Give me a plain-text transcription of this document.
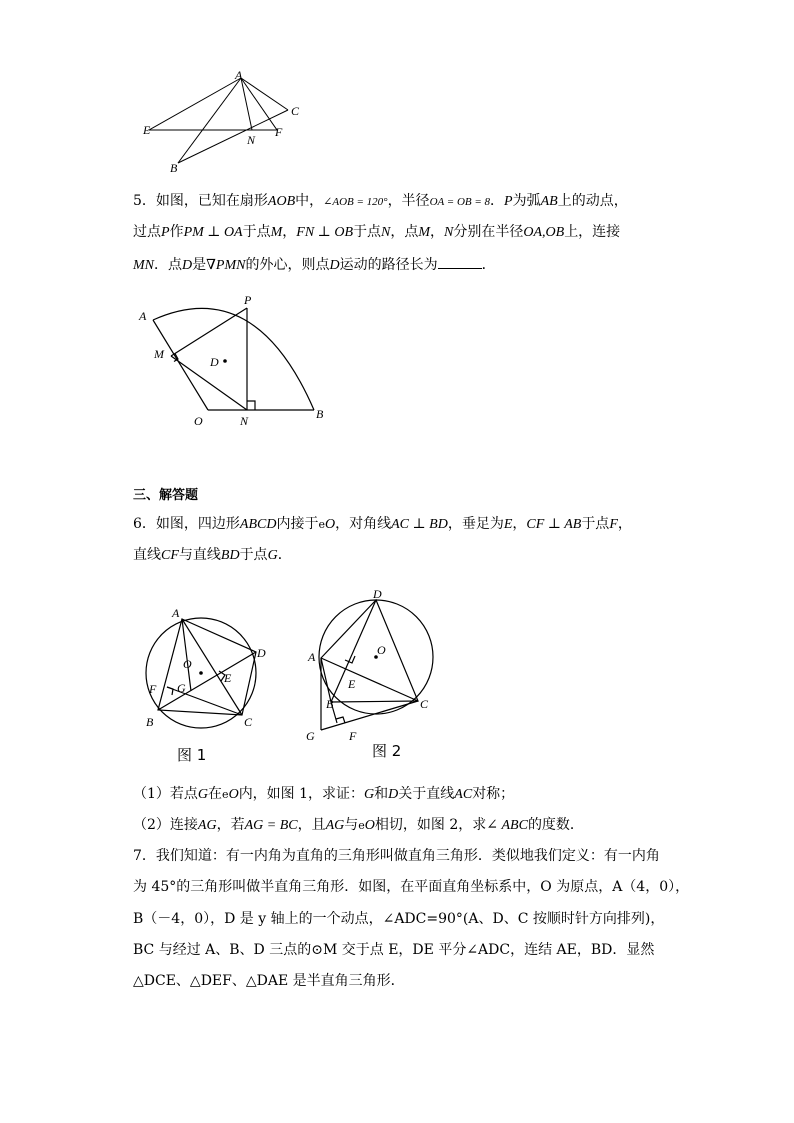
A
C
E	F
N
B
5．如图，已知在扇形AOB中，∠AOB = 120°，半径OA = OB = 8．P为弧AB上的动点，
过点P作PM ⊥ OA于点M，FN ⊥ OB于点N，点M，N分别在半径OA,OB上，连接
MN．点D是∇PMN的外心，则点D运动的路径长为	．
A
P
M
D
O	N	B
三、解答题
6．如图，四边形ABCD内接于eO，对角线AC ⊥ BD，垂足为E，CF ⊥ AB于点F，
直线CF与直线BD于点G．
A
D
O
E
F G
B	C
图 1
D
A	O
E
B	C
G	F
图 2
（1）若点G在eO内，如图 1，求证：G和D关于直线AC对称；
（2）连接AG，若AG = BC，且AG与eO相切，如图 2，求∠ ABC的度数．
7．我们知道：有一内角为直角的三角形叫做直角三角形．类似地我们定义：有一内角
为 45°的三角形叫做半直角三角形．如图，在平面直角坐标系中，O 为原点，A（4，0），
B（－4，0），D 是 y 轴上的一个动点，∠ADC=90°(A、D、C 按顺时针方向排列)，
BC 与经过 A、B、D 三点的⊙M 交于点 E，DE 平分∠ADC，连结 AE，BD．显然
△DCE、△DEF、△DAE 是半直角三角形．
